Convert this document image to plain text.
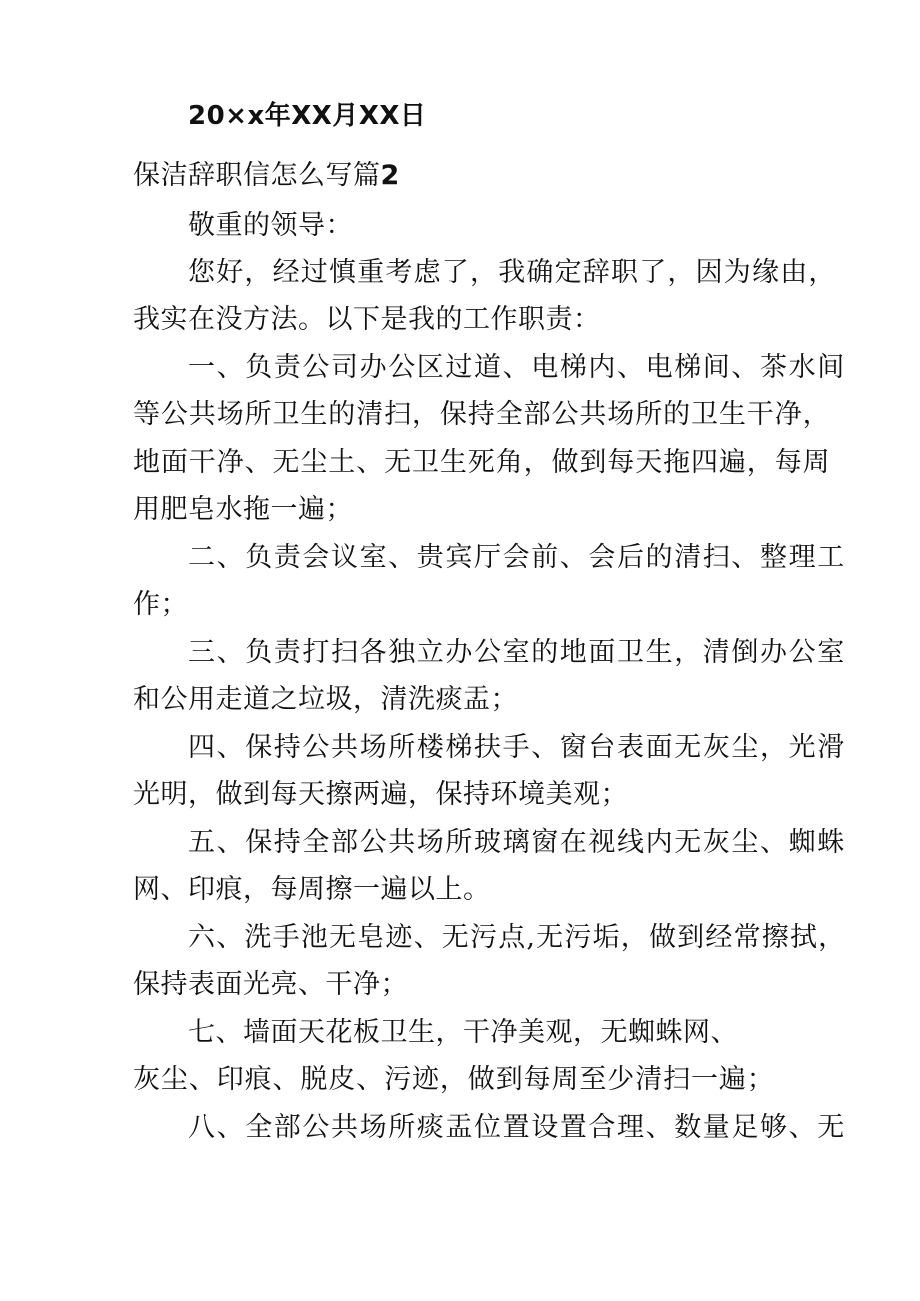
20×x年XX月XX日
保洁辞职信怎么写篇2
敬重的领导：
您好，经过慎重考虑了，我确定辞职了，因为缘由，
我实在没方法。以下是我的工作职责：
一、负责公司办公区过道、电梯内、电梯间、茶水间
等公共场所卫生的清扫，保持全部公共场所的卫生干净，
地面干净、无尘土、无卫生死角，做到每天拖四遍，每周
用肥皂水拖一遍；
二、负责会议室、贵宾厅会前、会后的清扫、整理工
作；
三、负责打扫各独立办公室的地面卫生，清倒办公室
和公用走道之垃圾，清洗痰盂；
四、保持公共场所楼梯扶手、窗台表面无灰尘，光滑
光明，做到每天擦两遍，保持环境美观；
五、保持全部公共场所玻璃窗在视线内无灰尘、蜘蛛
网、印痕，每周擦一遍以上。
六、洗手池无皂迹、无污点,无污垢，做到经常擦拭，
保持表面光亮、干净；
七、墙面天花板卫生，干净美观，无蜘蛛网、
灰尘、印痕、脱皮、污迹，做到每周至少清扫一遍；
八、全部公共场所痰盂位置设置合理、数量足够、无
